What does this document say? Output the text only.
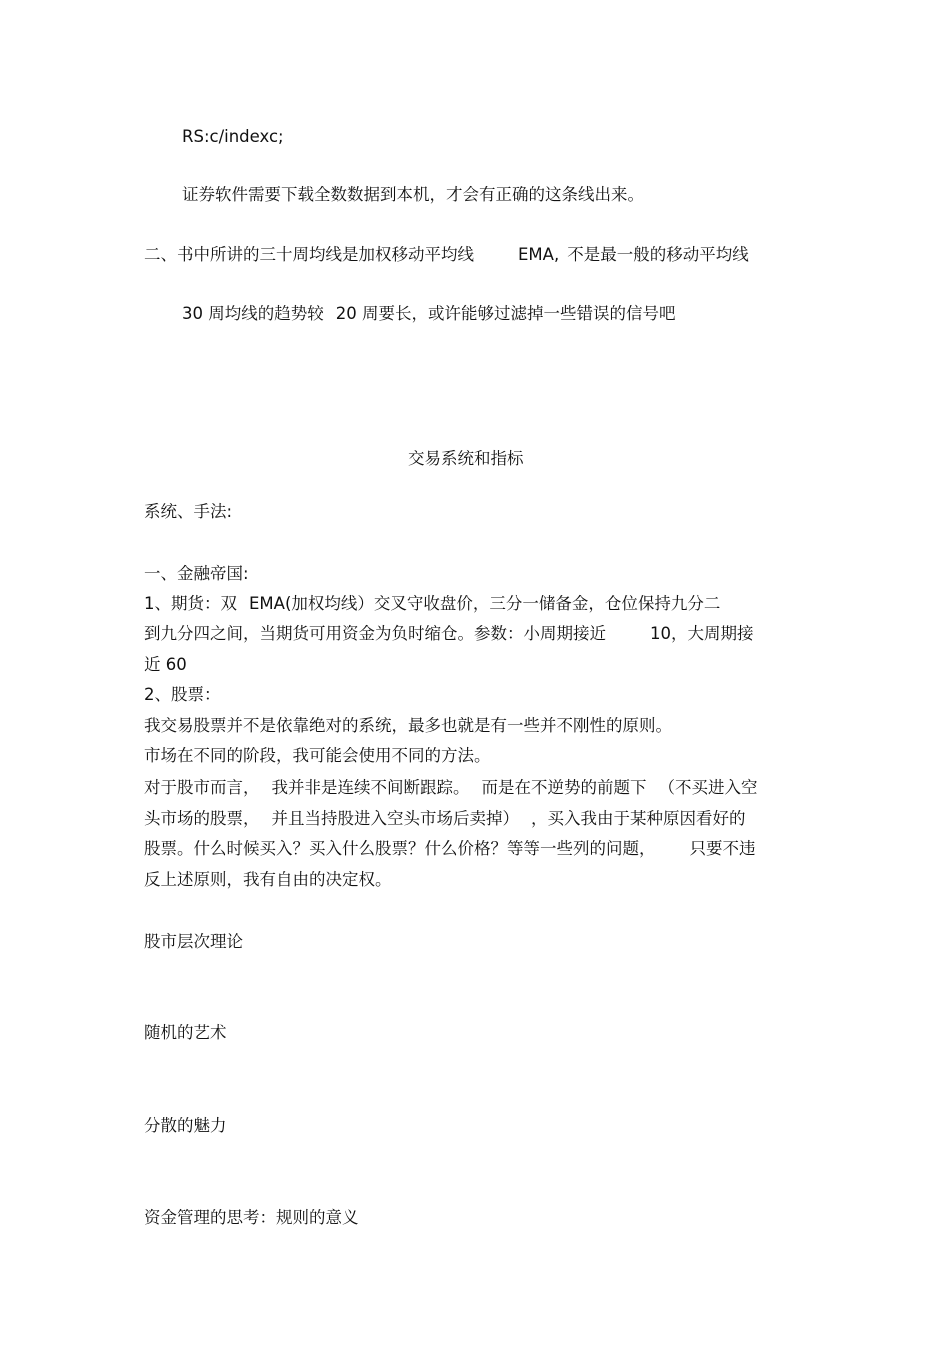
RS:c/indexc;
证券软件需要下载全数数据到本机，才会有正确的这条线出来。
二、书中所讲的三十周均线是加权移动平均线	EMA, 不是最一般的移动平均线
30 周均线的趋势较 20 周要长，或许能够过滤掉一些错误的信号吧
交易系统和指标
系统、手法:
一、金融帝国:
1、期货：双 EMA(加权均线）交叉守收盘价，三分一储备金，仓位保持九分二
到九分四之间，当期货可用资金为负时缩仓。参数：小周期接近	10，大周期接
近 60
2、股票：
我交易股票并不是依靠绝对的系统，最多也就是有一些并不刚性的原则。
市场在不同的阶段，我可能会使用不同的方法。
对于股市而言， 我并非是连续不间断跟踪。 而是在不逆势的前题下 （不买进入空
头市场的股票， 并且当持股进入空头市场后卖掉） ，买入我由于某种原因看好的
股票。什么时候买入？买入什么股票？什么价格？等等一些列的问题， 只要不违
反上述原则，我有自由的决定权。
股市层次理论
随机的艺术
分散的魅力
资金管理的思考：规则的意义
